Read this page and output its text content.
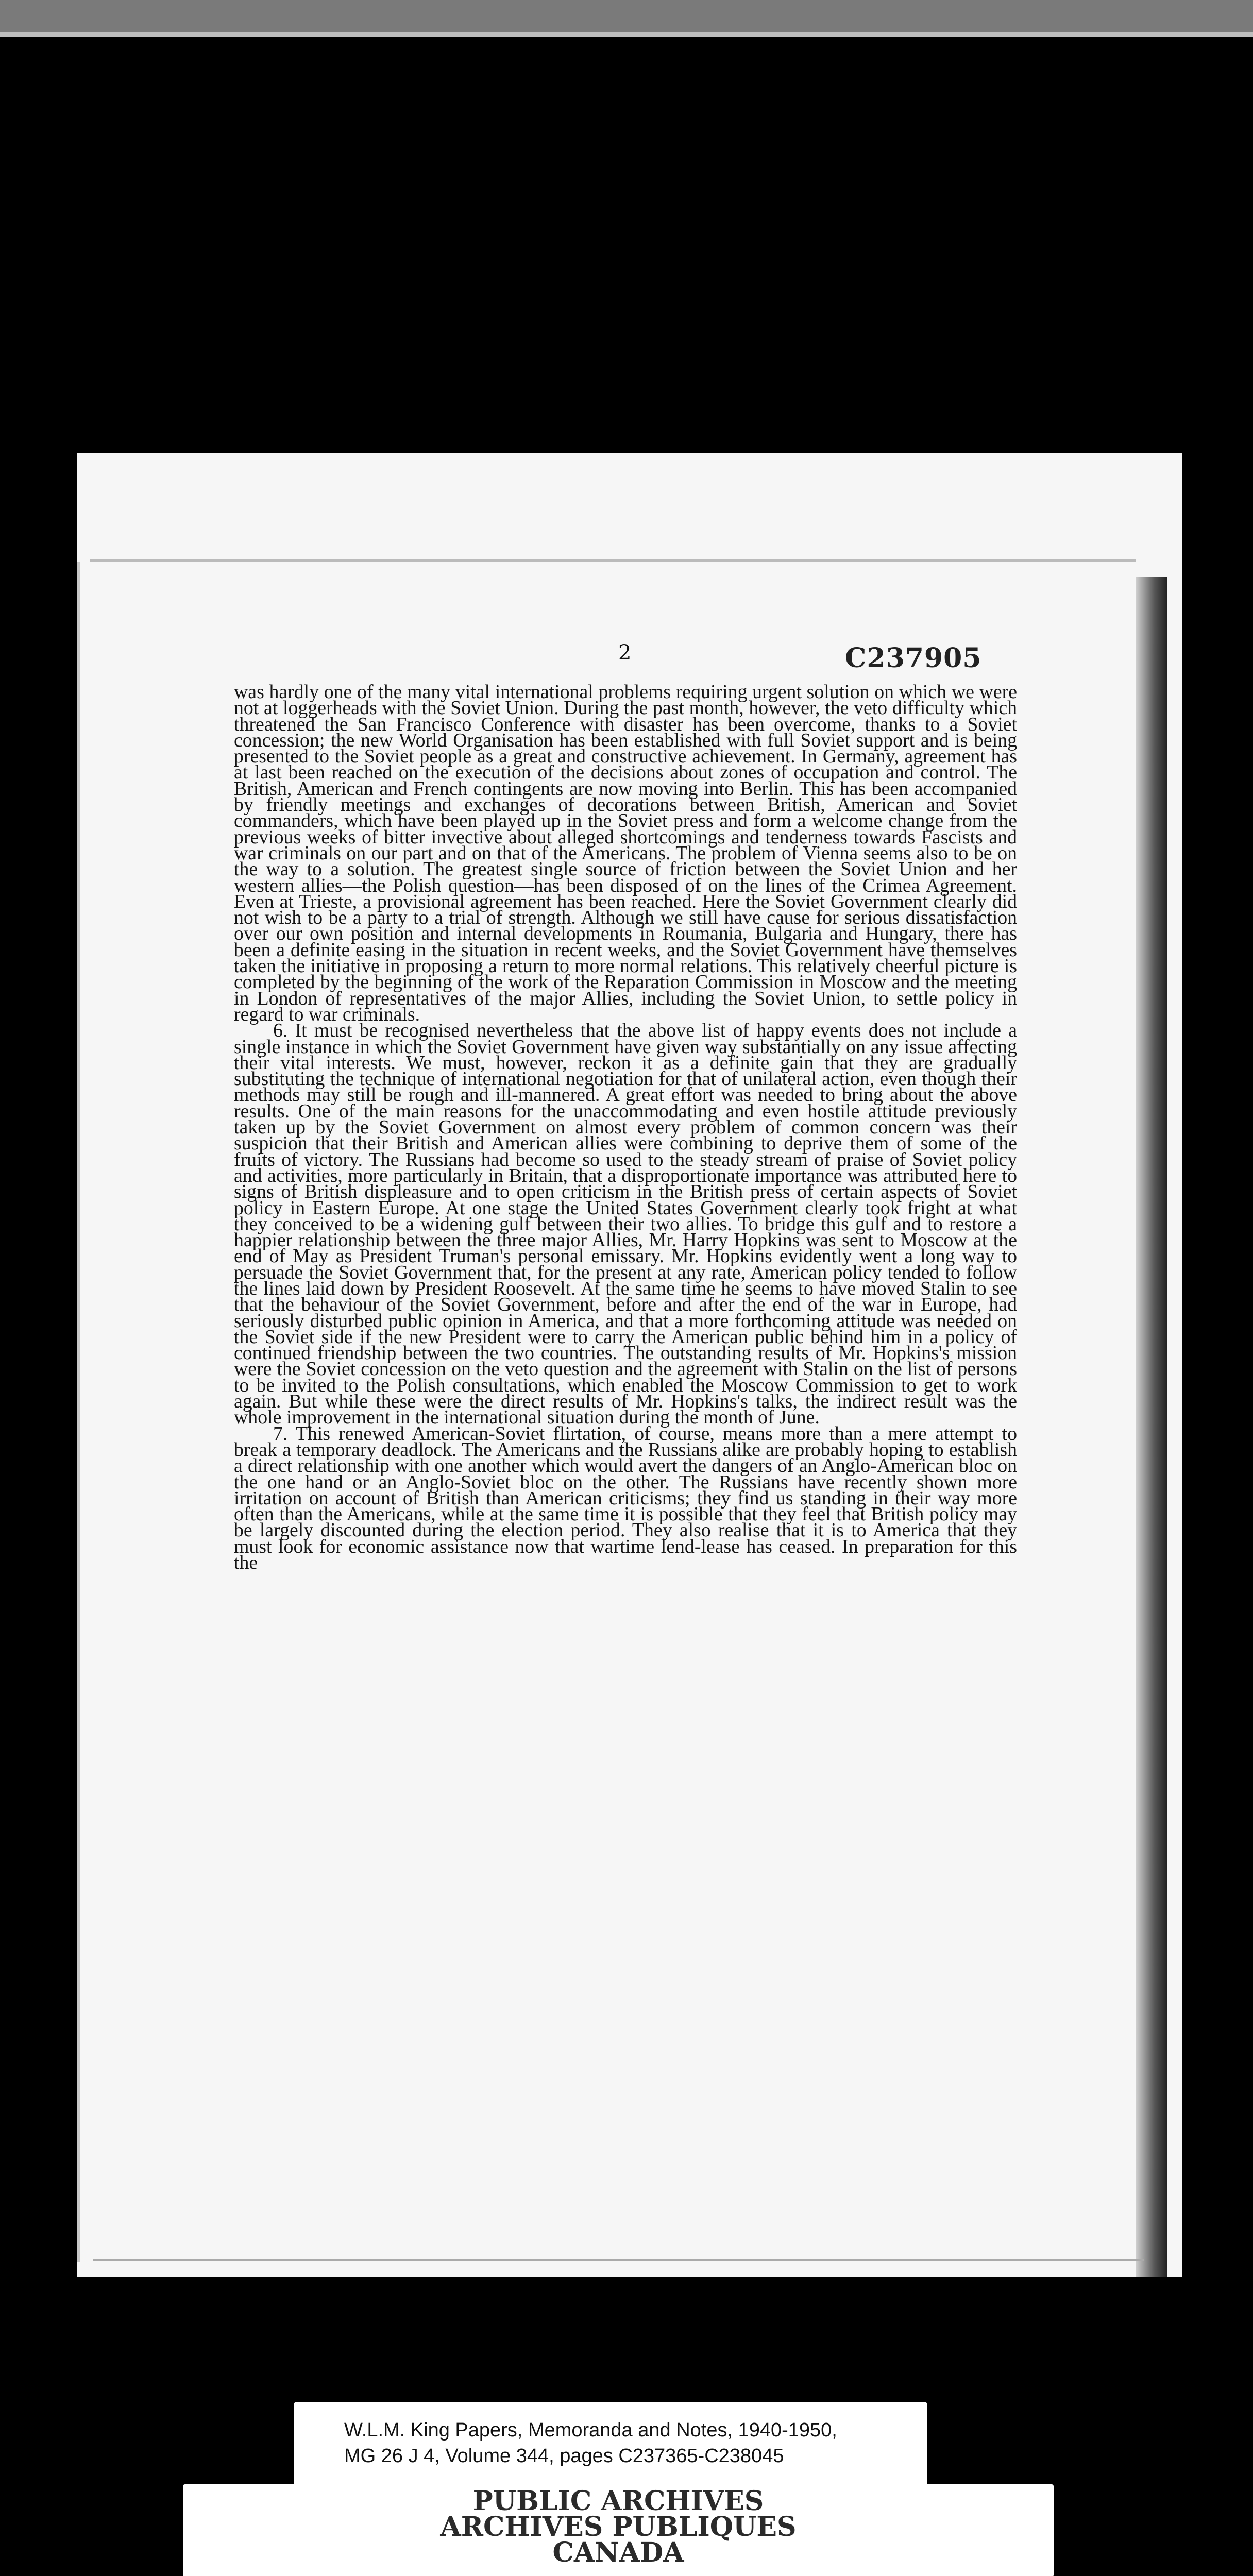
2	C237905

was hardly one of the many vital international problems requiring urgent solution on which we were not at loggerheads with the Soviet Union. During the past month, however, the veto difficulty which threatened the San Francisco Conference with disaster has been overcome, thanks to a Soviet concession; the new World Organisation has been established with full Soviet support and is being presented to the Soviet people as a great and constructive achievement. In Germany, agreement has at last been reached on the execution of the decisions about zones of occupation and control. The British, American and French contingents are now moving into Berlin. This has been accompanied by friendly meetings and exchanges of decorations between British, American and Soviet commanders, which have been played up in the Soviet press and form a welcome change from the previous weeks of bitter invective about alleged shortcomings and tenderness towards Fascists and war criminals on our part and on that of the Americans. The problem of Vienna seems also to be on the way to a solution. The greatest single source of friction between the Soviet Union and her western allies—the Polish question—has been disposed of on the lines of the Crimea Agreement. Even at Trieste, a provisional agreement has been reached. Here the Soviet Government clearly did not wish to be a party to a trial of strength. Although we still have cause for serious dissatisfaction over our own position and internal developments in Roumania, Bulgaria and Hungary, there has been a definite easing in the situation in recent weeks, and the Soviet Government have themselves taken the initiative in proposing a return to more normal relations. This relatively cheerful picture is completed by the beginning of the work of the Reparation Commission in Moscow and the meeting in London of representatives of the major Allies, including the Soviet Union, to settle policy in regard to war criminals.

6. It must be recognised nevertheless that the above list of happy events does not include a single instance in which the Soviet Government have given way substantially on any issue affecting their vital interests. We must, however, reckon it as a definite gain that they are gradually substituting the technique of international negotiation for that of unilateral action, even though their methods may still be rough and ill-mannered. A great effort was needed to bring about the above results. One of the main reasons for the unaccommodating and even hostile attitude previously taken up by the Soviet Government on almost every problem of common concern was their suspicion that their British and American allies were combining to deprive them of some of the fruits of victory. The Russians had become so used to the steady stream of praise of Soviet policy and activities, more particularly in Britain, that a disproportionate importance was attributed here to signs of British displeasure and to open criticism in the British press of certain aspects of Soviet policy in Eastern Europe. At one stage the United States Government clearly took fright at what they conceived to be a widening gulf between their two allies. To bridge this gulf and to restore a happier relationship between the three major Allies, Mr. Harry Hopkins was sent to Moscow at the end of May as President Truman's personal emissary. Mr. Hopkins evidently went a long way to persuade the Soviet Government that, for the present at any rate, American policy tended to follow the lines laid down by President Roosevelt. At the same time he seems to have moved Stalin to see that the behaviour of the Soviet Government, before and after the end of the war in Europe, had seriously disturbed public opinion in America, and that a more forthcoming attitude was needed on the Soviet side if the new President were to carry the American public behind him in a policy of continued friendship between the two countries. The outstanding results of Mr. Hopkins's mission were the Soviet concession on the veto question and the agreement with Stalin on the list of persons to be invited to the Polish consultations, which enabled the Moscow Commission to get to work again. But while these were the direct results of Mr. Hopkins's talks, the indirect result was the whole improvement in the international situation during the month of June.

7. This renewed American-Soviet flirtation, of course, means more than a mere attempt to break a temporary deadlock. The Americans and the Russians alike are probably hoping to establish a direct relationship with one another which would avert the dangers of an Anglo-American bloc on the one hand or an Anglo-Soviet bloc on the other. The Russians have recently shown more irritation on account of British than American criticisms; they find us standing in their way more often than the Americans, while at the same time it is possible that they feel that British policy may be largely discounted during the election period. They also realise that it is to America that they must look for economic assistance now that wartime lend-lease has ceased. In preparation for this the

W.L.M. King Papers, Memoranda and Notes, 1940-1950,
MG 26 J 4, Volume 344, pages C237365-C238045
PUBLIC ARCHIVES
ARCHIVES PUBLIQUES
CANADA
